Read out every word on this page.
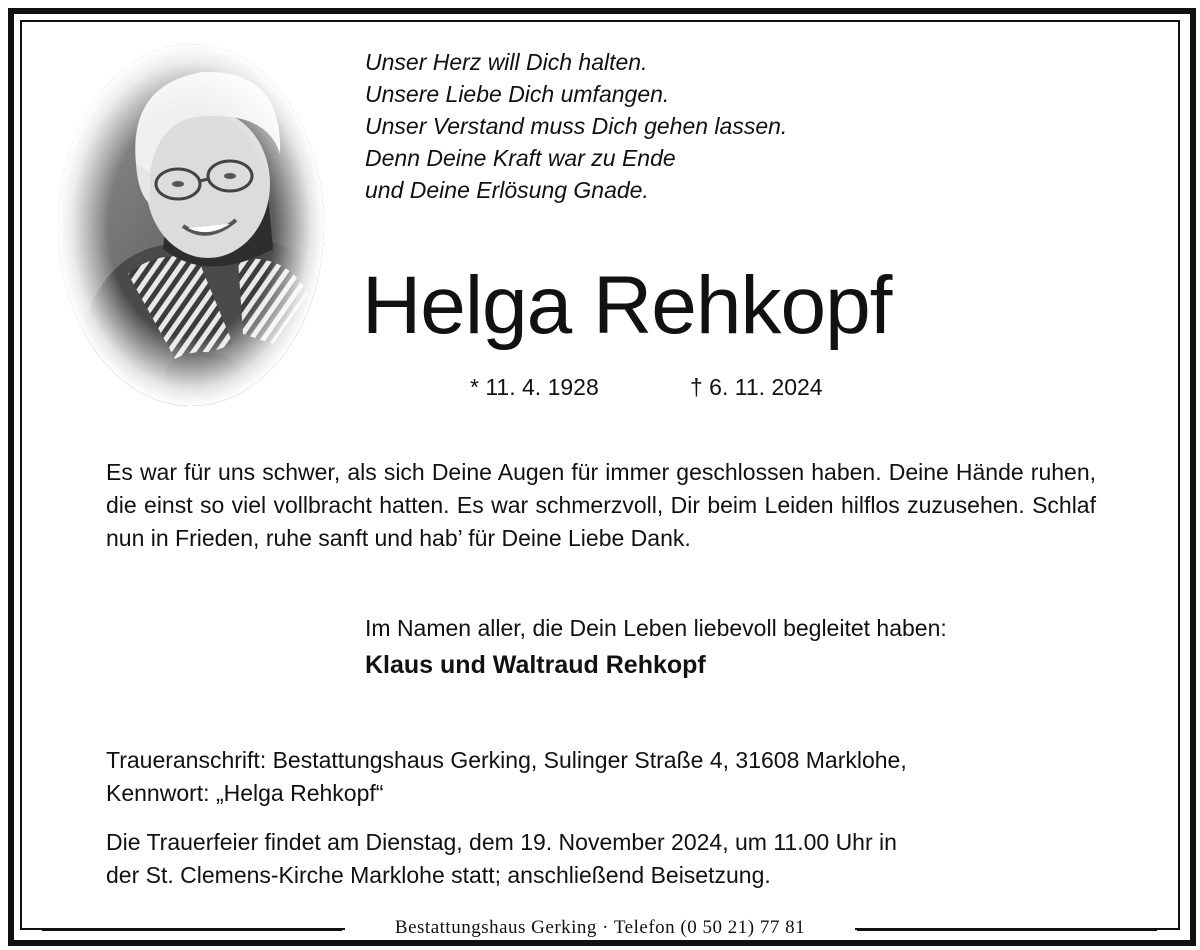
Unser Herz will Dich halten.
Unsere Liebe Dich umfangen.
Unser Verstand muss Dich gehen lassen.
Denn Deine Kraft war zu Ende
und Deine Erlösung Gnade.
Helga Rehkopf
* 11. 4. 1928	† 6. 11. 2024

Es war für uns schwer, als sich Deine Augen für immer geschlossen haben. Deine Hände ruhen, die einst so viel vollbracht hatten. Es war schmerzvoll, Dir beim Leiden hilflos zuzusehen. Schlaf nun in Frieden, ruhe sanft und hab’ für Deine Liebe Dank.

Im Namen aller, die Dein Leben liebevoll begleitet haben:
Klaus und Waltraud Rehkopf
Traueranschrift: Bestattungshaus Gerking, Sulinger Straße 4, 31608 Marklohe,
Kennwort: „Helga Rehkopf“
Die Trauerfeier findet am Dienstag, dem 19. November 2024, um 11.00 Uhr in
der St. Clemens-Kirche Marklohe statt; anschließend Beisetzung.
Bestattungshaus Gerking · Telefon (0 50 21) 77 81
